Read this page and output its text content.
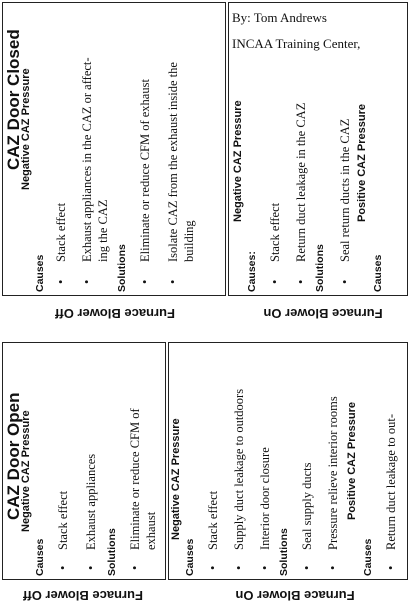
CAZ Door Closed
Negative CAZ Pressure
Causes •
Stack effect
•
Exhaust appliances in the CAZ or affect- ing the CAZ
Solutions •
Eliminate or reduce CFM of exhaust
•
Isolate CAZ from the exhaust inside the building
Furnace Blower Off
By: Tom Andrews
INCAA Training Center,
Negative CAZ Pressure
Causes: •
Stack effect
•
Return duct leakage in the CAZ
Solutions •
Seal return ducts in the CAZ Positive CAZ Pressure
Causes
Furnace Blower On
CAZ Door Open
Negative CAZ Pressure
Causes •
Stack effect
•
Exhaust appliances
Solutions •
Eliminate or reduce CFM of exhaust
Furnace Blower Off
Negative CAZ Pressure
Causes •
Stack effect
•
Supply duct leakage to outdoors
•
Interior door closure
Solutions •
Seal supply ducts
•
Pressure relieve interior rooms Positive CAZ Pressure
Causes •
Return duct leakage to out-
Furnace Blower On
